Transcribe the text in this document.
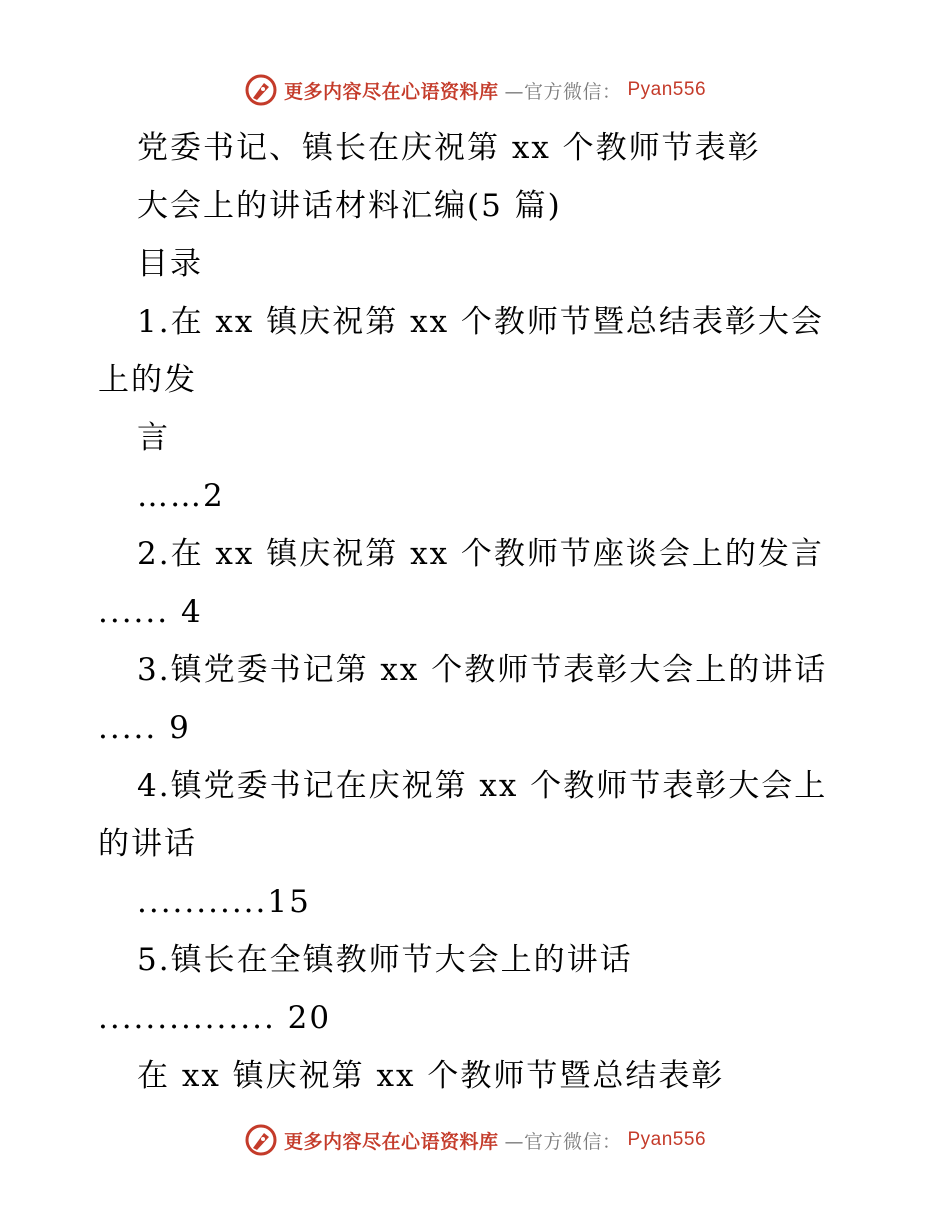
更多内容尽在心语资料库 —官方微信： Pyan556
党委书记、镇长在庆祝第 xx 个教师节表彰
大会上的讲话材料汇编(5 篇)
目录
1.在 xx 镇庆祝第 xx 个教师节暨总结表彰大会
上的发
言
……2
2.在 xx 镇庆祝第 xx 个教师节座谈会上的发言
...... 4
3.镇党委书记第 xx 个教师节表彰大会上的讲话
..... 9
4.镇党委书记在庆祝第 xx 个教师节表彰大会上
的讲话
...........15
5.镇长在全镇教师节大会上的讲话
............... 20
在 xx 镇庆祝第 xx 个教师节暨总结表彰
更多内容尽在心语资料库 —官方微信： Pyan556
